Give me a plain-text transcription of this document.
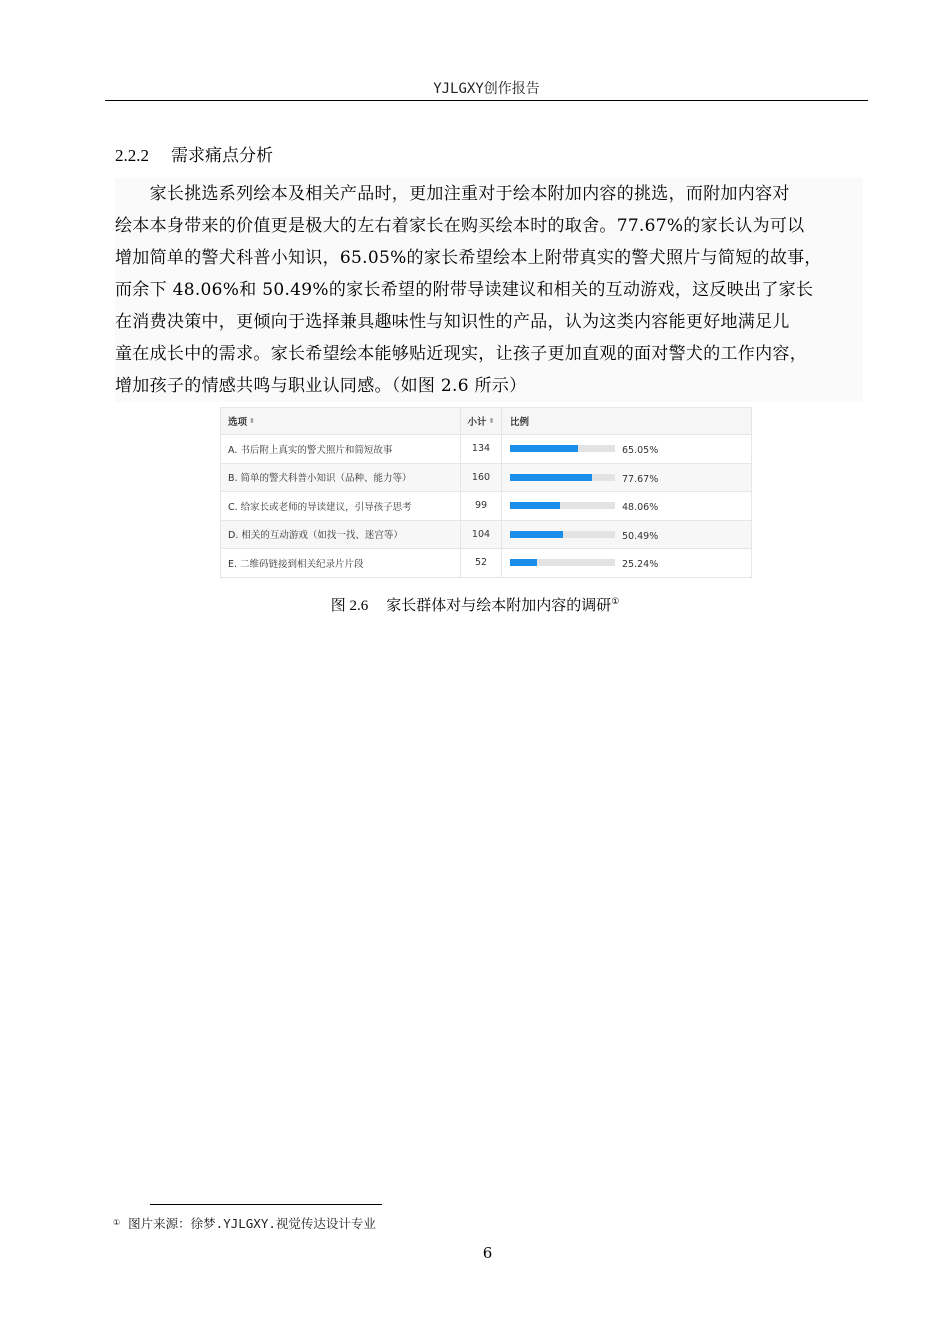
YJLGXY创作报告
2.2.2 需求痛点分析
　　家长挑选系列绘本及相关产品时，更加注重对于绘本附加内容的挑选，而附加内容对
绘本本身带来的价值更是极大的左右着家长在购买绘本时的取舍。77.67%的家长认为可以
增加简单的警犬科普小知识，65.05%的家长希望绘本上附带真实的警犬照片与简短的故事，
而余下 48.06%和 50.49%的家长希望的附带导读建议和相关的互动游戏，这反映出了家长
在消费决策中，更倾向于选择兼具趣味性与知识性的产品，认为这类内容能更好地满足儿
童在成长中的需求。家长希望绘本能够贴近现实，让孩子更加直观的面对警犬的工作内容，
增加孩子的情感共鸣与职业认同感。（如图 2.6 所示）
选项 ⬍	小计 ⬍ 比例
A. 书后附上真实的警犬照片和简短故事	134	65.05%
B. 简单的警犬科普小知识（品种、能力等）	160	77.67%
C. 给家长或老师的导读建议，引导孩子思考	99	48.06%
D. 相关的互动游戏（如找一找、迷宫等）	104	50.49%
E. 二维码链接到相关纪录片片段	52	25.24%
图 2.6 家长群体对与绘本附加内容的调研①
① 图片来源：徐梦.YJLGXY.视觉传达设计专业
6
